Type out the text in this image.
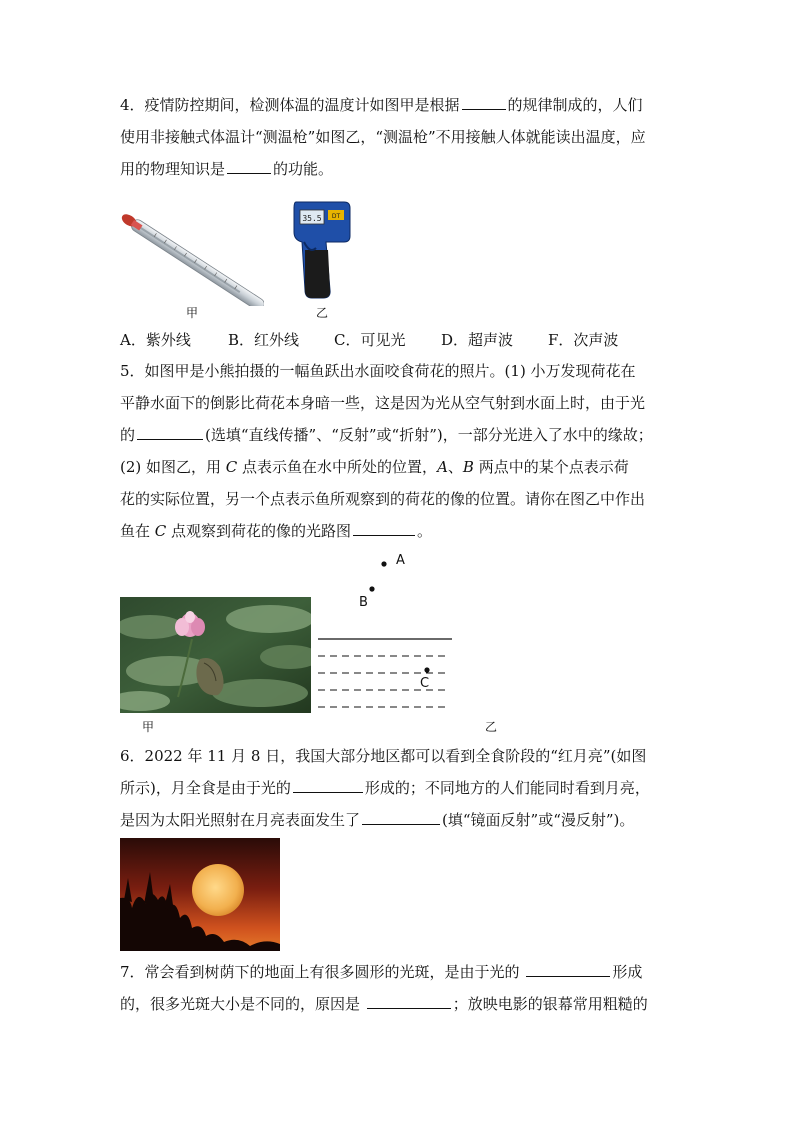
4．疫情防控期间，检测体温的温度计如图甲是根据	的规律制成的，人们
使用非接触式体温计“测温枪”如图乙，“测温枪”不用接触人体就能读出温度，应
用的物理知识是	的功能。
甲
35.5 DT
乙
A．紫外线 B．红外线 C．可见光 D．超声波 F．次声波
5．如图甲是小熊拍摄的一幅鱼跃出水面咬食荷花的照片。(1) 小万发现荷花在
平静水面下的倒影比荷花本身暗一些，这是因为光从空气射到水面上时，由于光
的	(选填“直线传播”、“反射”或“折射”)，一部分光进入了水中的缘故；
(2) 如图乙，用 C 点表示鱼在水中所处的位置，A、B 两点中的某个点表示荷
花的实际位置，另一个点表示鱼所观察到的荷花的像的位置。请你在图乙中作出
鱼在 C 点观察到荷花的像的光路图	。
甲
A
B
C
乙
6．2022 年 11 月 8 日，我国大部分地区都可以看到全食阶段的“红月亮”(如图
所示)，月全食是由于光的	形成的；不同地方的人们能同时看到月亮，
是因为太阳光照射在月亮表面发生了	(填“镜面反射”或“漫反射”)。
7．常会看到树荫下的地面上有很多圆形的光斑，是由于光的	形成
的，很多光斑大小是不同的，原因是	；放映电影的银幕常用粗糙的
